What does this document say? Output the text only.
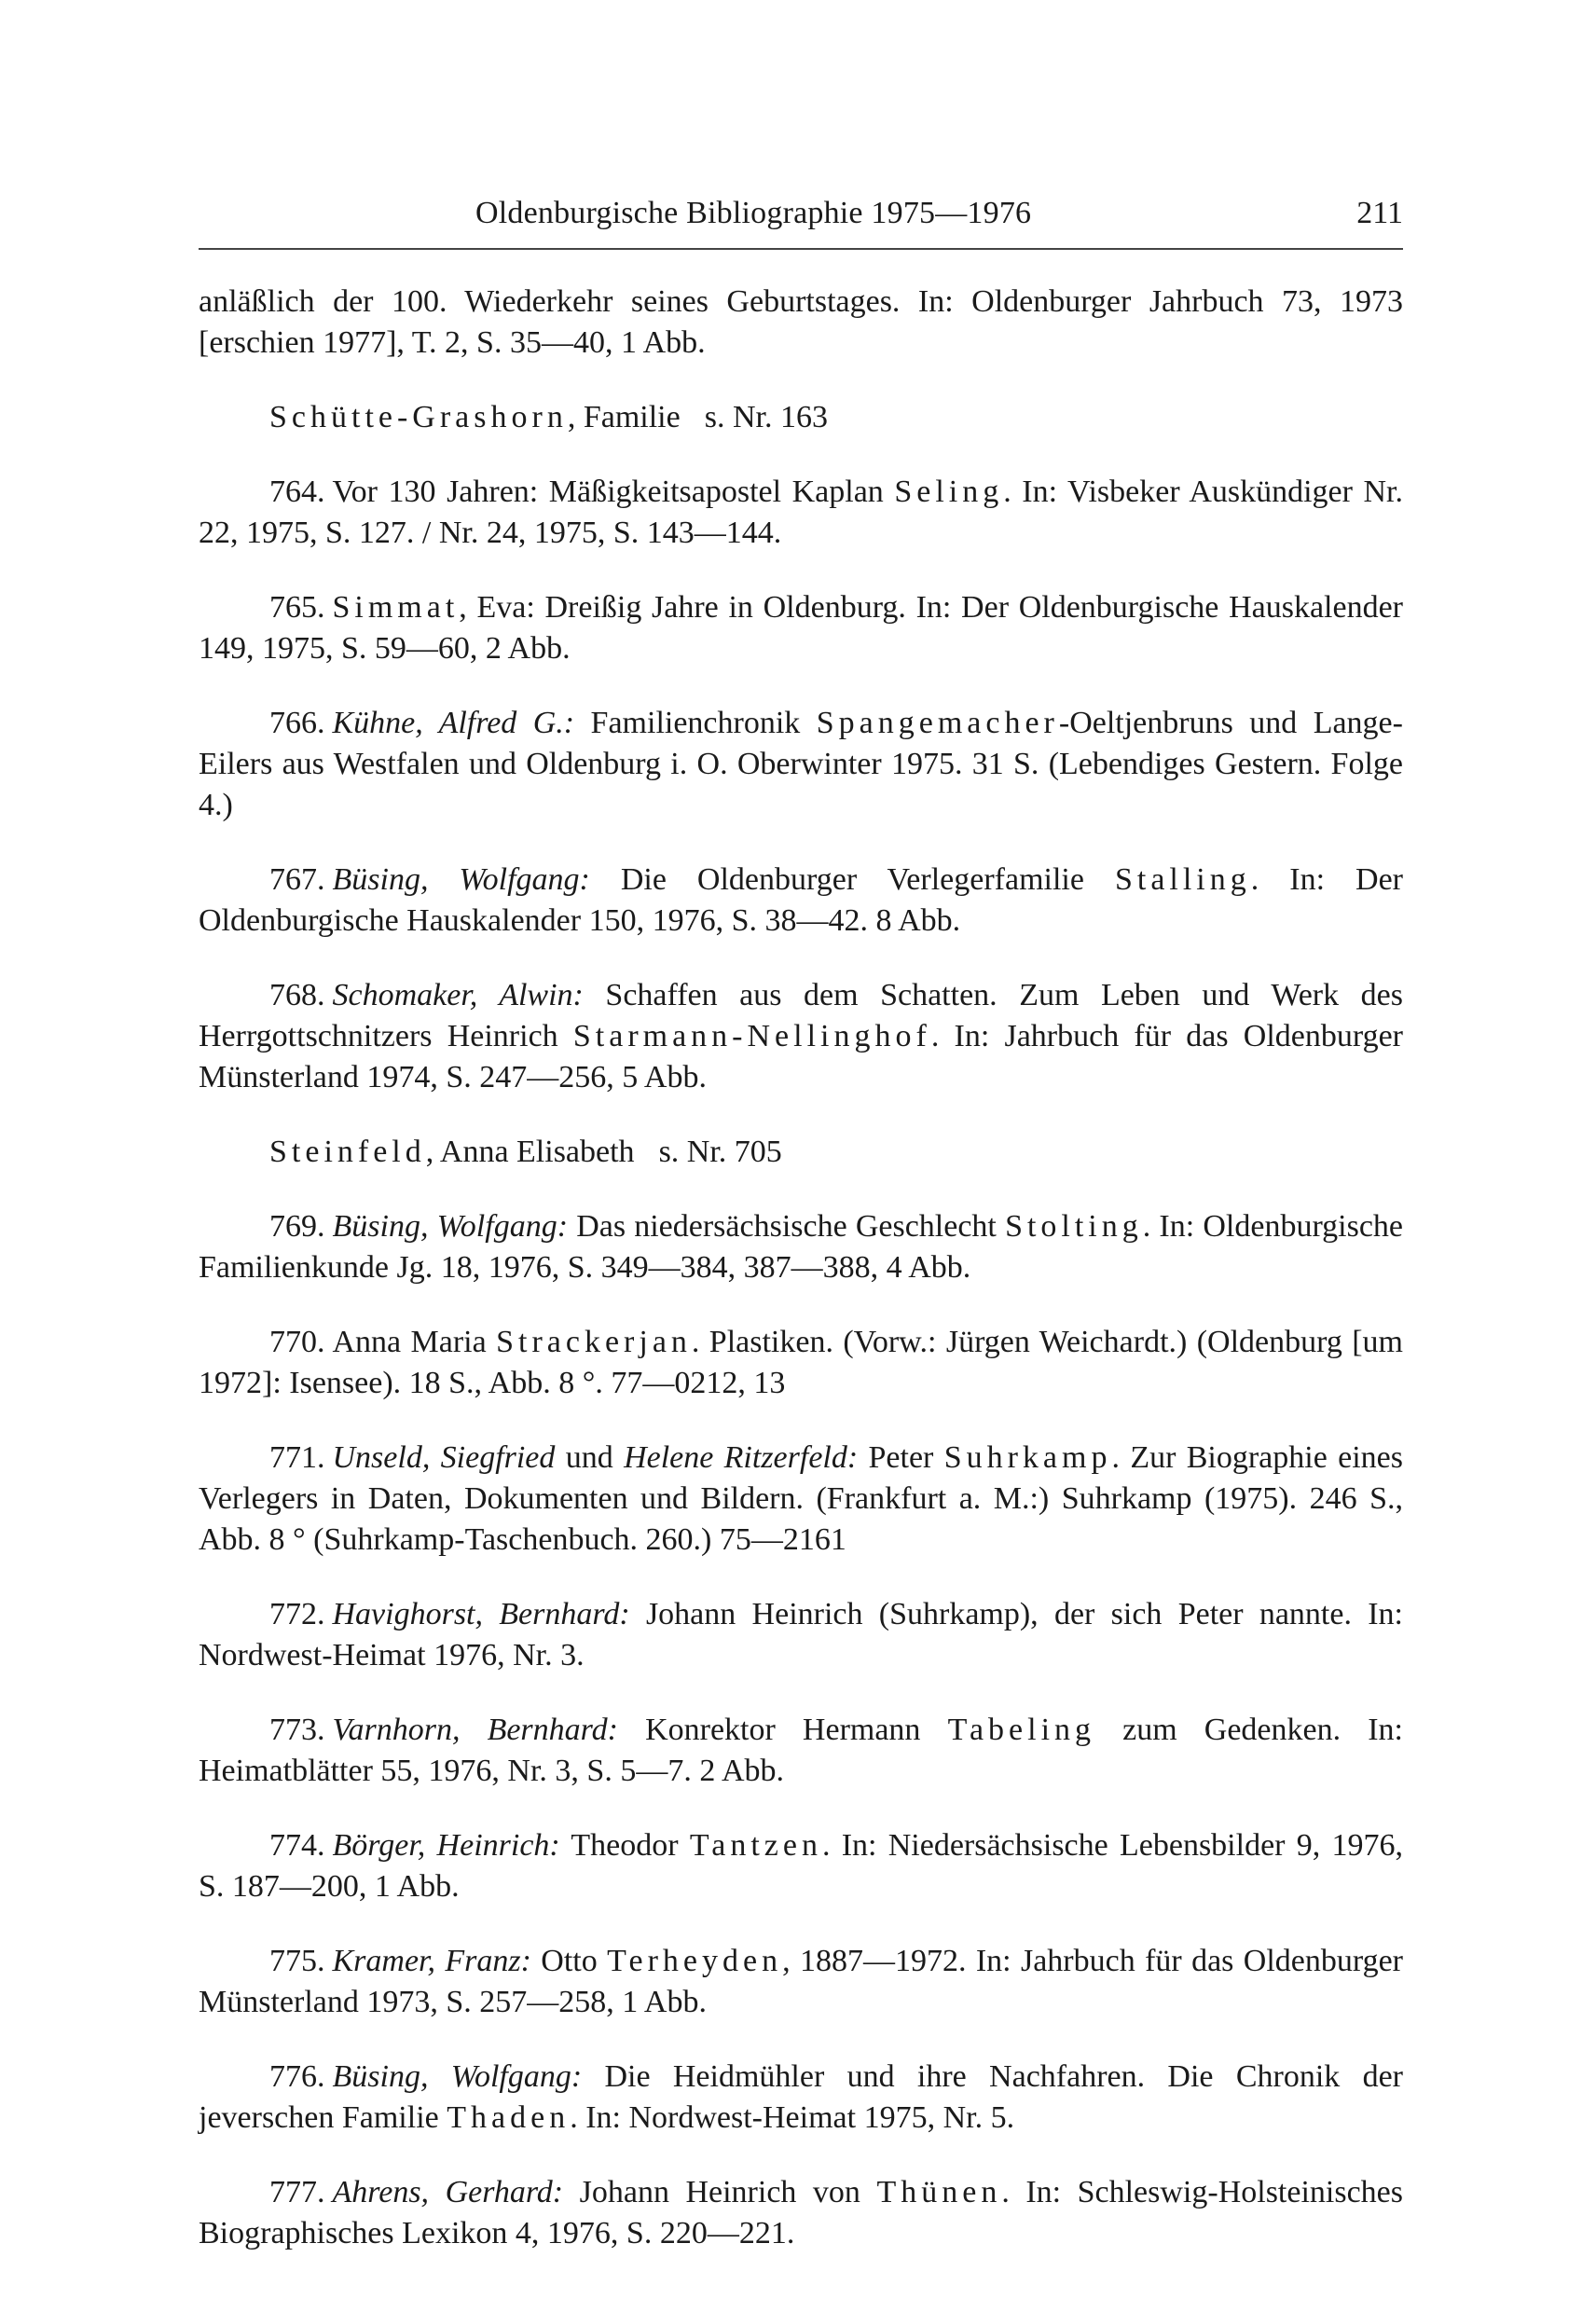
Oldenburgische Bibliographie 1975—1976	211

anläßlich der 100. Wiederkehr seines Geburtstages. In: Oldenburger Jahrbuch 73, 1973 [erschien 1977], T. 2, S. 35—40, 1 Abb.

Schütte-Grashorn, Familie s. Nr. 163

764. Vor 130 Jahren: Mäßigkeitsapostel Kaplan Seling. In: Visbeker Auskündiger Nr. 22, 1975, S. 127. / Nr. 24, 1975, S. 143—144.

765. Simmat, Eva: Dreißig Jahre in Oldenburg. In: Der Oldenburgische Hauskalender 149, 1975, S. 59—60, 2 Abb.

766. Kühne, Alfred G.: Familienchronik Spangemacher-Oeltjenbruns und Lange-Eilers aus Westfalen und Oldenburg i. O. Oberwinter 1975. 31 S. (Lebendiges Gestern. Folge 4.)

767. Büsing, Wolfgang: Die Oldenburger Verlegerfamilie Stalling. In: Der Oldenburgische Hauskalender 150, 1976, S. 38—42. 8 Abb.

768. Schomaker, Alwin: Schaffen aus dem Schatten. Zum Leben und Werk des Herrgottschnitzers Heinrich Starmann-Nellinghof. In: Jahrbuch für das Oldenburger Münsterland 1974, S. 247—256, 5 Abb.

Steinfeld, Anna Elisabeth s. Nr. 705

769. Büsing, Wolfgang: Das niedersächsische Geschlecht Stolting. In: Oldenburgische Familienkunde Jg. 18, 1976, S. 349—384, 387—388, 4 Abb.

770. Anna Maria Strackerjan. Plastiken. (Vorw.: Jürgen Weichardt.) (Oldenburg [um 1972]: Isensee). 18 S., Abb. 8 °. 77—0212, 13

771. Unseld, Siegfried und Helene Ritzerfeld: Peter Suhrkamp. Zur Biographie eines Verlegers in Daten, Dokumenten und Bildern. (Frankfurt a. M.:) Suhrkamp (1975). 246 S., Abb. 8 ° (Suhrkamp-Taschenbuch. 260.) 75—2161

772. Havighorst, Bernhard: Johann Heinrich (Suhrkamp), der sich Peter nannte. In: Nordwest-Heimat 1976, Nr. 3.

773. Varnhorn, Bernhard: Konrektor Hermann Tabeling zum Gedenken. In: Heimatblätter 55, 1976, Nr. 3, S. 5—7. 2 Abb.

774. Börger, Heinrich: Theodor Tantzen. In: Niedersächsische Lebensbilder 9, 1976, S. 187—200, 1 Abb.

775. Kramer, Franz: Otto Terheyden, 1887—1972. In: Jahrbuch für das Oldenburger Münsterland 1973, S. 257—258, 1 Abb.

776. Büsing, Wolfgang: Die Heidmühler und ihre Nachfahren. Die Chronik der jeverschen Familie Thaden. In: Nordwest-Heimat 1975, Nr. 5.

777. Ahrens, Gerhard: Johann Heinrich von Thünen. In: Schleswig-Holsteinisches Biographisches Lexikon 4, 1976, S. 220—221.
